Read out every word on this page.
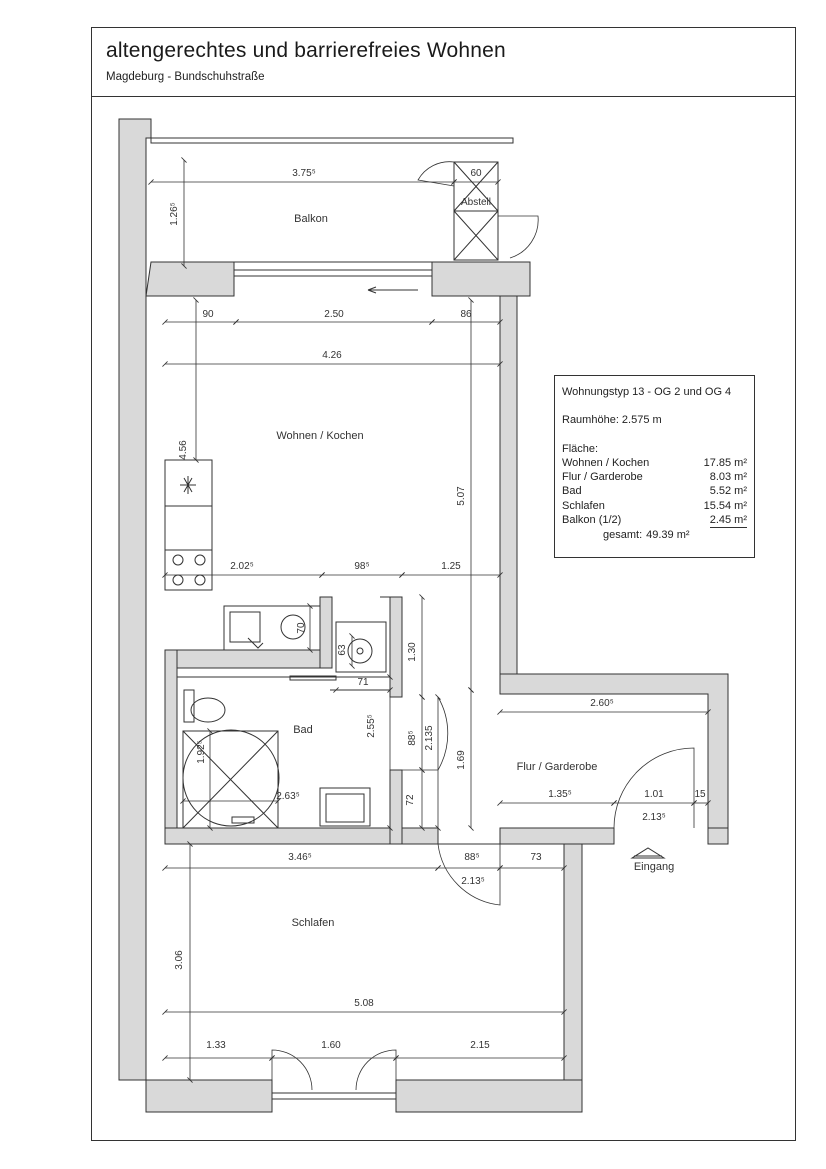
altengerechtes und barrierefreies Wohnen
Magdeburg - Bundschuhstraße
Balkon
Abstell
Wohnen / Kochen
Bad
Flur / Garderobe
Schlafen
Eingang
3.75⁵	60
90	2.50	86
4.26
2.02⁵	98⁵	1.25
71
2.63⁵
2.60⁵
1.35⁵	1.01	15
2.13⁵
3.46⁵	88⁵	73
2.13⁵
5.08
1.33	1.60	2.15
1.26⁵
4.56
5.07
70
63	1.30
2.55⁵
88⁵ 2.135
1.69
1.92⁵
72
3.06
Wohnungstyp 13 - OG 2 und OG 4
Raumhöhe: 2.575 m
Fläche:
Wohnen / Kochen	17.85 m²
Flur / Garderobe	8.03 m²
Bad	5.52 m²
Schlafen	15.54 m²
Balkon (1/2)	2.45 m²
gesamt: 49.39 m²
